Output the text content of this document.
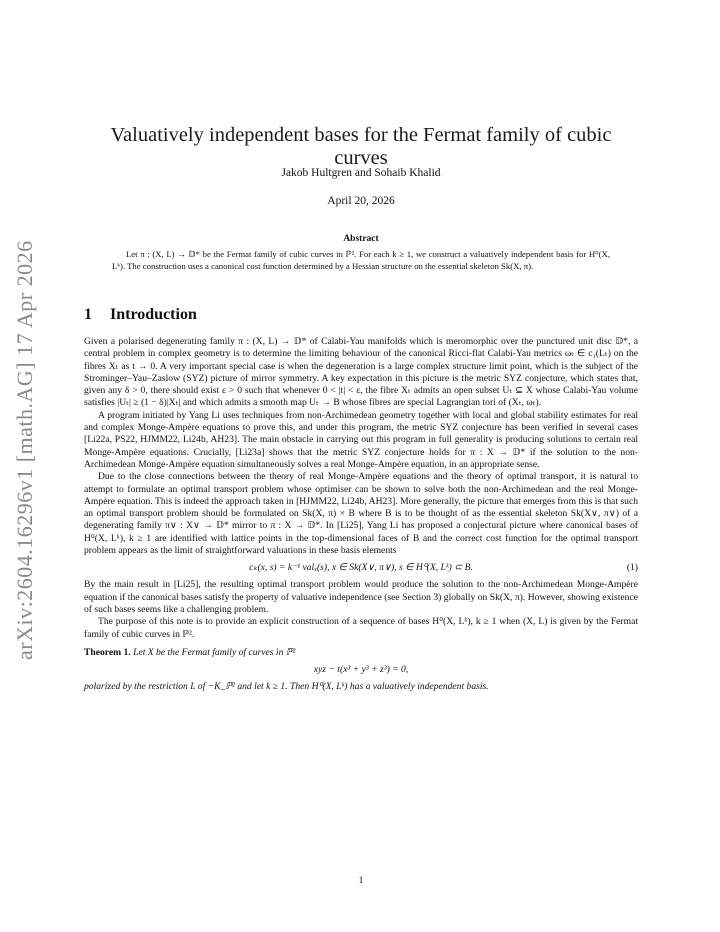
arXiv:2604.16296v1 [math.AG] 17 Apr 2026
Valuatively independent bases for the Fermat family of cubic curves
Jakob Hultgren and Sohaib Khalid
April 20, 2026
Abstract
Let π : (X, L) → 𝔻* be the Fermat family of cubic curves in ℙ². For each k ≥ 1, we construct a valuatively independent basis for H⁰(X, Lᵏ). The construction uses a canonical cost function determined by a Hessian structure on the essential skeleton Sk(X, π).
1 Introduction

Given a polarised degenerating family π : (X, L) → 𝔻* of Calabi-Yau manifolds which is meromorphic over the punctured unit disc 𝔻*, a central problem in complex geometry is to determine the limiting behaviour of the canonical Ricci-flat Calabi-Yau metrics ωₜ ∈ c₁(Lₜ) on the fibres Xₜ as t → 0. A very important special case is when the degeneration is a large complex structure limit point, which is the subject of the Strominger–Yau–Zaslow (SYZ) picture of mirror symmetry. A key expectation in this picture is the metric SYZ conjecture, which states that, given any δ > 0, there should exist ε > 0 such that whenever 0 < |t| < ε, the fibre Xₜ admits an open subset Uₜ ⊆ X whose Calabi-Yau volume satisfies |Uₜ| ≥ (1 − δ)|Xₜ| and which admits a smooth map Uₜ → B whose fibres are special Lagrangian tori of (Xₜ, ωₜ).

A program initiated by Yang Li uses techniques from non-Archimedean geometry together with local and global stability estimates for real and complex Monge-Ampère equations to prove this, and under this program, the metric SYZ conjecture has been verified in several cases [Li22a, PS22, HJMM22, Li24b, AH23]. The main obstacle in carrying out this program in full generality is producing solutions to certain real Monge-Ampère equations. Crucially, [Li23a] shows that the metric SYZ conjecture holds for π : X → 𝔻* if the solution to the non-Archimedean Monge-Ampère equation simultaneously solves a real Monge-Ampère equation, in an appropriate sense.

Due to the close connections between the theory of real Monge-Ampère equations and the theory of optimal transport, it is natural to attempt to formulate an optimal transport problem whose optimiser can be shown to solve both the non-Archimedean and the real Monge-Ampère equation. This is indeed the approach taken in [HJMM22, Li24b, AH23]. More generally, the picture that emerges from this is that such an optimal transport problem should be formulated on Sk(X, π) × B where B is to be thought of as the essential skeleton Sk(X∨, π∨) of a degenerating family π∨ : X∨ → 𝔻* mirror to π : X → 𝔻*. In [Li25], Yang Li has proposed a conjectural picture where canonical bases of H⁰(X, Lᵏ), k ≥ 1 are identified with lattice points in the top-dimensional faces of B and the correct cost function for the optimal transport problem appears as the limit of straightforward valuations in these basis elements

cₖ(x, s) = k⁻¹ valₓ(s), x ∈ Sk(X∨, π∨), s ∈ H⁰(X, Lᵏ) ⊂ B.	(1)

By the main result in [Li25], the resulting optimal transport problem would produce the solution to the non-Archimedean Monge-Ampère equation if the canonical bases satisfy the property of valuative independence (see Section 3) globally on Sk(X, π). However, showing existence of such bases seems like a challenging problem.

The purpose of this note is to provide an explicit construction of a sequence of bases H⁰(X, Lᵏ), k ≥ 1 when (X, L) is given by the Fermat family of cubic curves in ℙ².

Theorem 1. Let X be the Fermat family of curves in ℙ²

xyz − t(x³ + y³ + z³) = 0,

polarized by the restriction L of −K_ℙ² and let k ≥ 1. Then H⁰(X, Lᵏ) has a valuatively independent basis.

1
